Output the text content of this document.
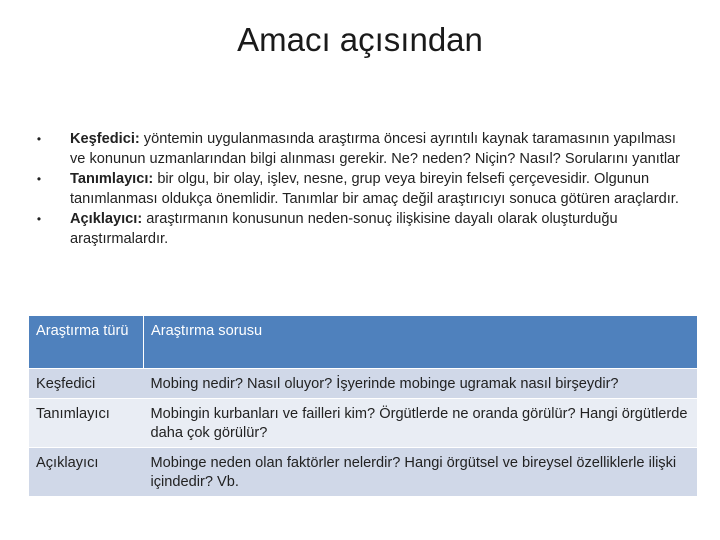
Amacı açısından
• Keşfedici: yöntemin uygulanmasında araştırma öncesi ayrıntılı kaynak taramasının yapılması ve konunun uzmanlarından bilgi alınması gerekir. Ne? neden? Niçin? Nasıl? Sorularını yanıtlar
• Tanımlayıcı: bir olgu, bir olay, işlev, nesne, grup veya bireyin felsefi çerçevesidir. Olgunun tanımlanması oldukça önemlidir. Tanımlar bir amaç değil araştırıcıyı sonuca götüren araçlardır.
• Açıklayıcı: araştırmanın konusunun neden-sonuç ilişkisine dayalı olarak oluşturduğu araştırmalardır.
Araştırma türü	Araştırma sorusu
Keşfedici	Mobing nedir? Nasıl oluyor? İşyerinde mobinge ugramak nasıl birşeydir?
Tanımlayıcı	Mobingin kurbanları ve failleri kim? Örgütlerde ne oranda görülür? Hangi örgütlerde daha çok görülür?
Açıklayıcı	Mobinge neden olan faktörler nelerdir? Hangi örgütsel ve bireysel özelliklerle ilişki içindedir? Vb.
